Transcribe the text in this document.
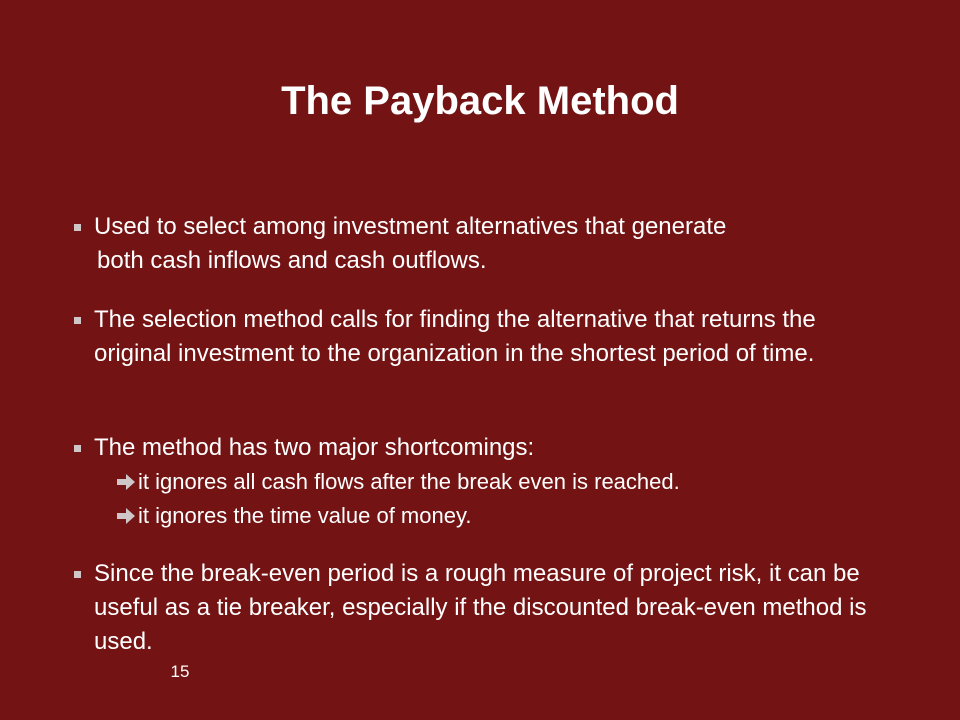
The Payback Method
Used to select among investment alternatives that generate
both cash inflows and cash outflows.
The selection method calls for finding the alternative that returns the original investment to the organization in the shortest period of time.
The method has two major shortcomings:
it ignores all cash flows after the break even is reached.
it ignores the time value of money.
Since the break-even period is a rough measure of project risk, it can be useful as a tie breaker, especially if the discounted break-even method is used.
15
